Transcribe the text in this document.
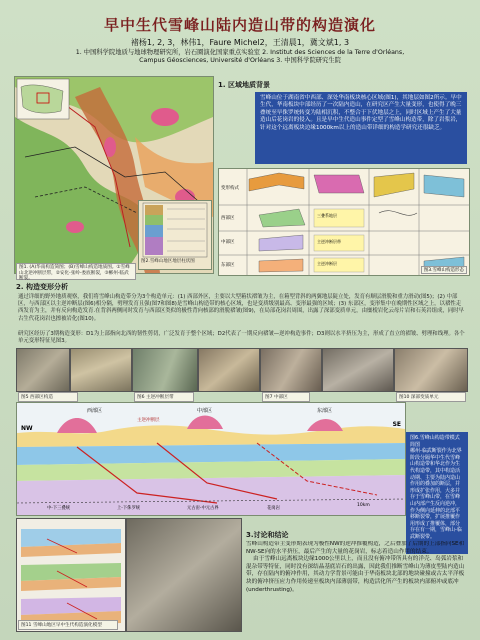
早中生代雪峰山陆内造山带的构造演化
褚杨1, 2, 3，林伟1，Faure Michel2，王清晨1，冀文斌1, 3
1. 中国科学院地质与地球物理研究所，岩石圈演化国家重点实验室 2. Institut des Sciences de la Terre d'Orléans,
Campus Géosciences, Université d'Orléans 3. 中国科学院研究生院
图1. (A)华南构造简图；(B)雪峰山构造地质图。①雪峰山北逆冲断层带，②安化-张岭-娄底断裂，③郴州-临武断裂。
图2.雪峰山地区地层柱状图
1. 区域地质背景
雪峰山位于湖南省中西部、深处华南板块核心区域(图1)，其地层如图2所示。早中生代，华南板块中部经历了一次陆内造山，在研究区产生大量变形，也使得了晚三叠统至早侏罗统转变为陆相沉积，不整合于下伏地层之上，同时区域上产生了大量造山后花岗岩的侵入。且是早中生代造山事件定型了雪峰山构造带，除了岩浆岩，针对这个远离板块边缘1000km以上的造山带详细的构造学研究还很缺乏。
变形构式
西部区
中部区
东部区
三叠系地层
主逆冲断层带
主逆冲断层
图3.雪峰山构造形态
2. 构造变形分析
通过详细的野外地质观察，我们将雪峰山构造带分为3个构造单元：(1) 西部外区，主要以大型箱状褶皱为主，在箱型背斜的两翼地层陡立处，发育有顺层滑脱和重力滑动(图5)；(2) 中部区，与西部区以主逆冲断层(图6)相分隔，劈理发育且强(图7和图8)是雪峰山构造带的核心区域，也是变质级别最高、变形最强的区域；(3) 东部区，变形集中在晚期性区域之上，以褶性走西发育为主，并有反向构造发育.在背斜两侧同时发育与西部区类似的极性背向核部的滑脱褶皱(图9)，在局部花岗岩周围，出露了深部变质单元，由糜棱岩化云母片岩和石英岩组成，同时早古生代花岗岩也擦被岩化(图10)。
研究区经历了3期构造变形：D1为上部指向北西的韧性剪切，广泛发育于整个区域；D2代表了一期反向褶皱—逆冲构造事件；D3则以水平挤压为主，形成了直立的褶皱、劈理和线理。各个单元变形特征见图3。
图5 西部区构造	图6 主逆冲断层带	图7 中部区	图10 深部变质单元
NW
SE
西部区	中部区	东部区
主逆冲断层
10km
中-下三叠统	上-下侏罗统	元古宙-中元古界	花岗岩
图6.雪峰山构造带模式简图
郴州-临武断裂作为北界阶段分隔华中生代雪峰山构造带和华北作为生代构造带，其中构造活动期、主要为陆内造山作用的叠加的断层，并形成扩张作用，大多并存于雪峰山带，在雪峰山内部产生反向逆冲，作为侧向延伸的北部平移断裂带，扩展推覆作用形成了推覆体，部分存在有一期，雪峰山-临武断裂带。
图11 雪峰山地区早中生代构造演化模型
3.讨论和结论
雪峰山构造带主变形期表现为极性NW的逆冲推覆构造，之后叠加了后期的上部指向SE和NW-SE向的水平挤压，最后产生的大量的花岗岩，标志着造山作用的结束。
由于雪峰山远离板块边缘1000公里以上，而且没有俯冲带所具有的洋壳、岛弧岩浆和混杂带等特征，同时没有深结晶基底岩石的出露，因此我们推断雪峰山为薄皮型陆内造山带，存在陆内的俯冲作用，其动力学背景可能由于华南板块北部的地块碰撞或古太平洋板块的俯冲挤压应力作用传递至板块内部薄弱带，构造活化所产生的板块内部俯冲或底冲(underthrusting)。
